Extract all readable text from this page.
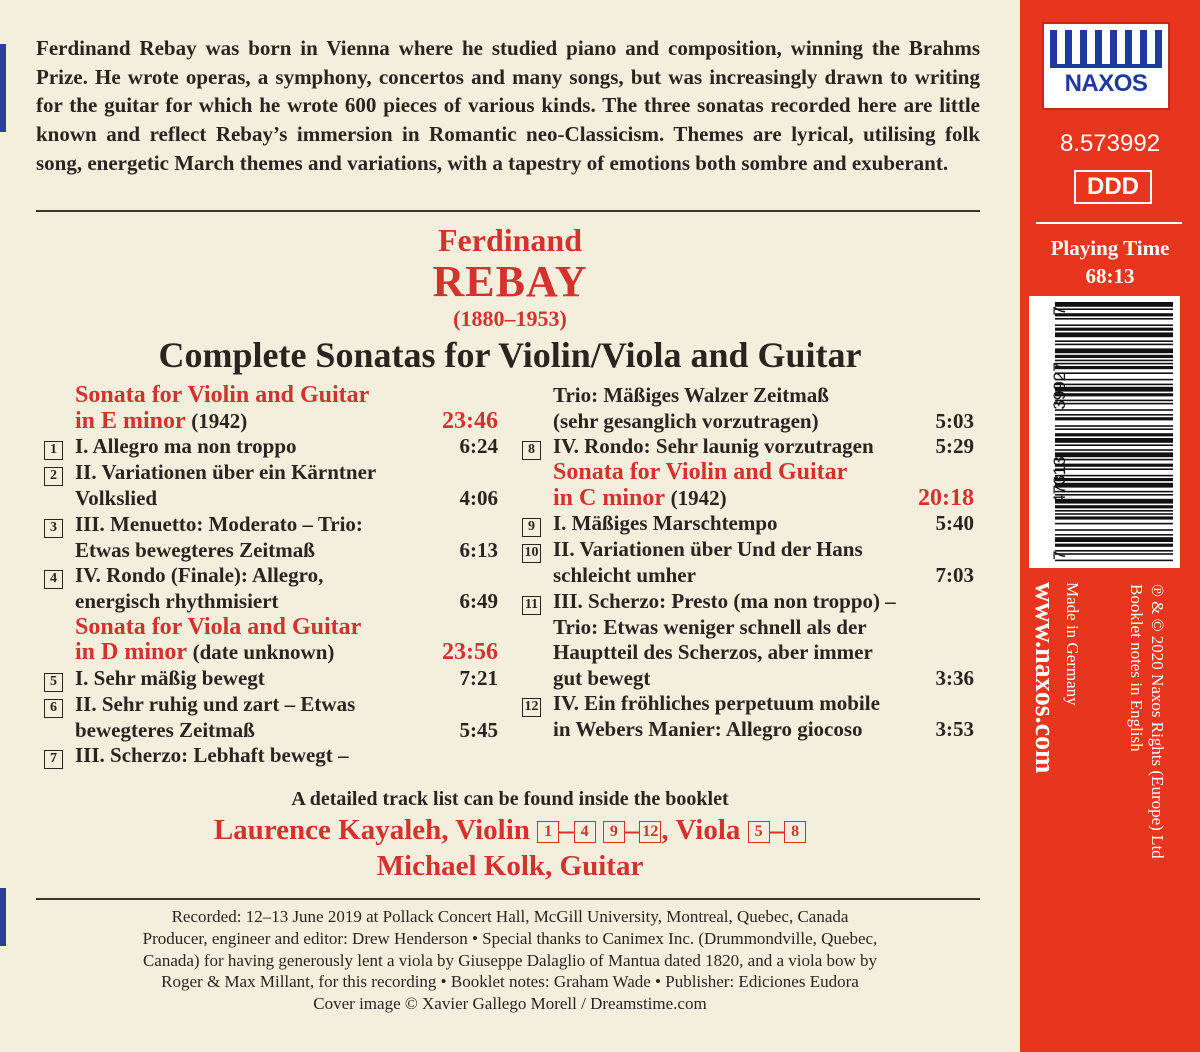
Ferdinand Rebay was born in Vienna where he studied piano and composition, winning the Brahms Prize. He wrote operas, a symphony, concertos and many songs, but was increasingly drawn to writing for the guitar for which he wrote 600 pieces of various kinds. The three sonatas recorded here are little known and reflect Rebay’s immersion in Romantic neo-Classicism. Themes are lyrical, utilising folk song, energetic March themes and variations, with a tapestry of emotions both sombre and exuberant.

Ferdinand
REBAY
(1880–1953)
Complete Sonatas for Violin/Viola and Guitar
Sonata for Violin and Guitar
in E minor (1942)	23:46
1 I. Allegro ma non troppo	6:24
2 II. Variationen über ein Kärntner
Volkslied	4:06
3 III. Menuetto: Moderato – Trio:
Etwas bewegteres Zeitmaß	6:13
4 IV. Rondo (Finale): Allegro,
energisch rhythmisiert	6:49
Sonata for Viola and Guitar
in D minor (date unknown)	23:56
5 I. Sehr mäßig bewegt	7:21
6 II. Sehr ruhig und zart – Etwas
bewegteres Zeitmaß	5:45
7 III. Scherzo: Lebhaft bewegt –
Trio: Mäßiges Walzer Zeitmaß
(sehr gesanglich vorzutragen)	5:03
8 IV. Rondo: Sehr launig vorzutragen	5:29
Sonata for Violin and Guitar
in C minor (1942)	20:18
9 I. Mäßiges Marschtempo	5:40
10 II. Variationen über Und der Hans
schleicht umher	7:03
11 III. Scherzo: Presto (ma non troppo) –
Trio: Etwas weniger schnell als der
Hauptteil des Scherzos, aber immer
gut bewegt	3:36
12 IV. Ein fröhliches perpetuum mobile
in Webers Manier: Allegro giocoso	3:53
A detailed track list can be found inside the booklet
Laurence Kayaleh, Violin 1 – 4 9 – 12 , Viola 5 – 8
Michael Kolk, Guitar
Recorded: 12–13 June 2019 at Pollack Concert Hall, McGill University, Montreal, Quebec, Canada
Producer, engineer and editor: Drew Henderson • Special thanks to Canimex Inc. (Drummondville, Quebec,
Canada) for having generously lent a viola by Giuseppe Dalaglio of Mantua dated 1820, and a viola bow by
Roger & Max Millant, for this recording • Booklet notes: Graham Wade • Publisher: Ediciones Eudora
Cover image © Xavier Gallego Morell / Dreamstime.com
NAXOS
8.573992
DDD
Playing Time
68:13
7
47313
39927
7
www.naxos.com Made in Germany	℗ & © 2020 Naxos Rights (Europe) Ltd
Booklet notes in English
